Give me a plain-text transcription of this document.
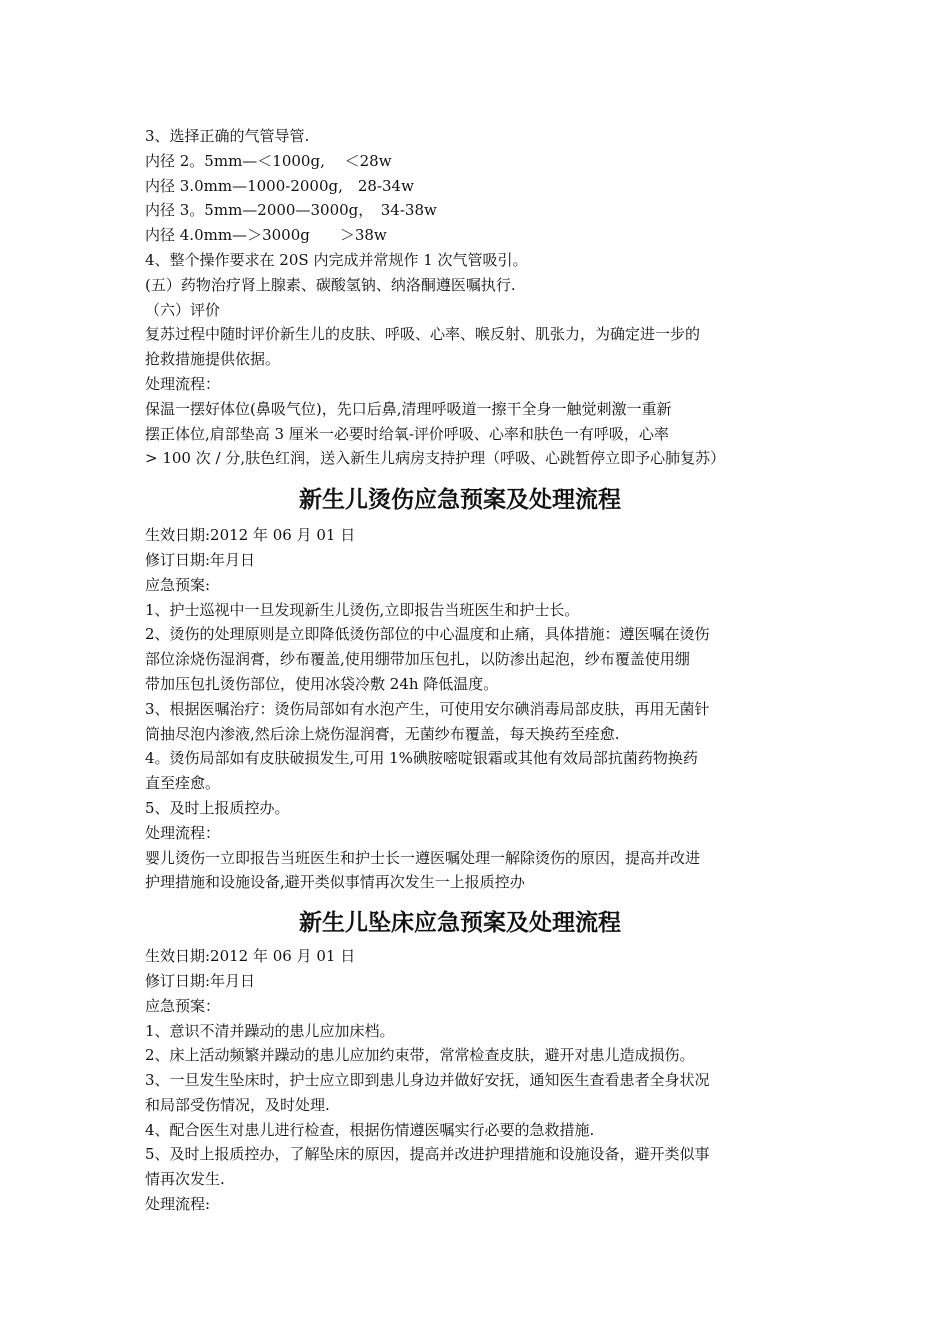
3、选择正确的气管导管.

内径 2。5mm—＜1000g, 　＜28w

内径 3.0mm—1000-2000g,　28-34w

内径 3。5mm—2000—3000g，　34-38w

内径 4.0mm—＞3000g　　＞38w

4、整个操作要求在 20S 内完成并常规作 1 次气管吸引。

(五）药物治疗肾上腺素、碳酸氢钠、纳洛酮遵医嘱执行.

（六）评价

复苏过程中随时评价新生儿的皮肤、呼吸、心率、喉反射、肌张力，为确定进一步的

抢救措施提供依据。

处理流程：

保温一摆好体位(鼻吸气位)，先口后鼻,清理呼吸道一擦干全身一触觉刺激一重新

摆正体位,肩部垫高 3 厘米一必要时给氧-评价呼吸、心率和肤色一有呼吸，心率

> 100 次 / 分,肤色红润，送入新生儿病房支持护理（呼吸、心跳暂停立即予心肺复苏）

新生儿烫伤应急预案及处理流程

生效日期:2012 年 06 月 01 日

修订日期:年月日

应急预案:

1、护士巡视中一旦发现新生儿烫伤,立即报告当班医生和护士长。

2、烫伤的处理原则是立即降低烫伤部位的中心温度和止痛，具体措施：遵医嘱在烫伤

部位涂烧伤湿润膏，纱布覆盖,使用绷带加压包扎，以防渗出起泡，纱布覆盖使用绷

带加压包扎烫伤部位，使用冰袋冷敷 24h 降低温度。

3、根据医嘱治疗：烫伤局部如有水泡产生，可使用安尔碘消毒局部皮肤，再用无菌针

筒抽尽泡内渗液,然后涂上烧伤湿润膏，无菌纱布覆盖，每天换药至痊愈.

4。烫伤局部如有皮肤破损发生,可用 1%碘胺嘧啶银霜或其他有效局部抗菌药物换药

直至痊愈。

5、及时上报质控办。

处理流程：

婴儿烫伤一立即报告当班医生和护士长一遵医嘱处理一解除烫伤的原因，提高并改进

护理措施和设施设备,避开类似事情再次发生一上报质控办

新生儿坠床应急预案及处理流程

生效日期:2012 年 06 月 01 日

修订日期:年月日

应急预案：

1、意识不清并躁动的患儿应加床档。

2、床上活动频繁并躁动的患儿应加约束带，常常检查皮肤，避开对患儿造成损伤。

3、一旦发生坠床时，护士应立即到患儿身边并做好安抚，通知医生查看患者全身状况

和局部受伤情况，及时处理.

4、配合医生对患儿进行检查，根据伤情遵医嘱实行必要的急救措施.

5、及时上报质控办，了解坠床的原因，提高并改进护理措施和设施设备，避开类似事

情再次发生.

处理流程:
